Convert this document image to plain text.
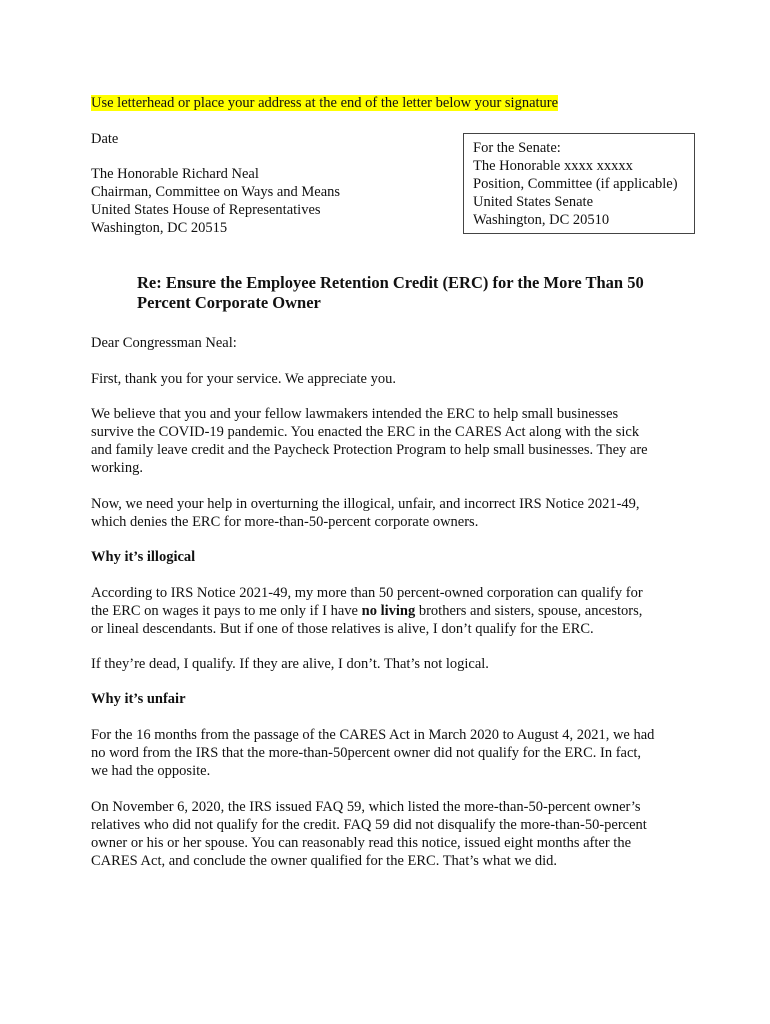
Use letterhead or place your address at the end of the letter below your signature
Date
The Honorable Richard Neal
Chairman, Committee on Ways and Means
United States House of Representatives
Washington, DC 20515
For the Senate:
The Honorable xxxx xxxxx
Position, Committee (if applicable)
United States Senate
Washington, DC 20510
Re: Ensure the Employee Retention Credit (ERC) for the More Than 50
Percent Corporate Owner
Dear Congressman Neal:
First, thank you for your service. We appreciate you.
We believe that you and your fellow lawmakers intended the ERC to help small businesses
survive the COVID-19 pandemic. You enacted the ERC in the CARES Act along with the sick
and family leave credit and the Paycheck Protection Program to help small businesses. They are
working.
Now, we need your help in overturning the illogical, unfair, and incorrect IRS Notice 2021-49,
which denies the ERC for more-than-50-percent corporate owners.
Why it’s illogical
According to IRS Notice 2021-49, my more than 50 percent-owned corporation can qualify for
the ERC on wages it pays to me only if I have no living brothers and sisters, spouse, ancestors,
or lineal descendants. But if one of those relatives is alive, I don’t qualify for the ERC.
If they’re dead, I qualify. If they are alive, I don’t. That’s not logical.
Why it’s unfair
For the 16 months from the passage of the CARES Act in March 2020 to August 4, 2021, we had
no word from the IRS that the more-than-50percent owner did not qualify for the ERC. In fact,
we had the opposite.
On November 6, 2020, the IRS issued FAQ 59, which listed the more-than-50-percent owner’s
relatives who did not qualify for the credit. FAQ 59 did not disqualify the more-than-50-percent
owner or his or her spouse. You can reasonably read this notice, issued eight months after the
CARES Act, and conclude the owner qualified for the ERC. That’s what we did.
